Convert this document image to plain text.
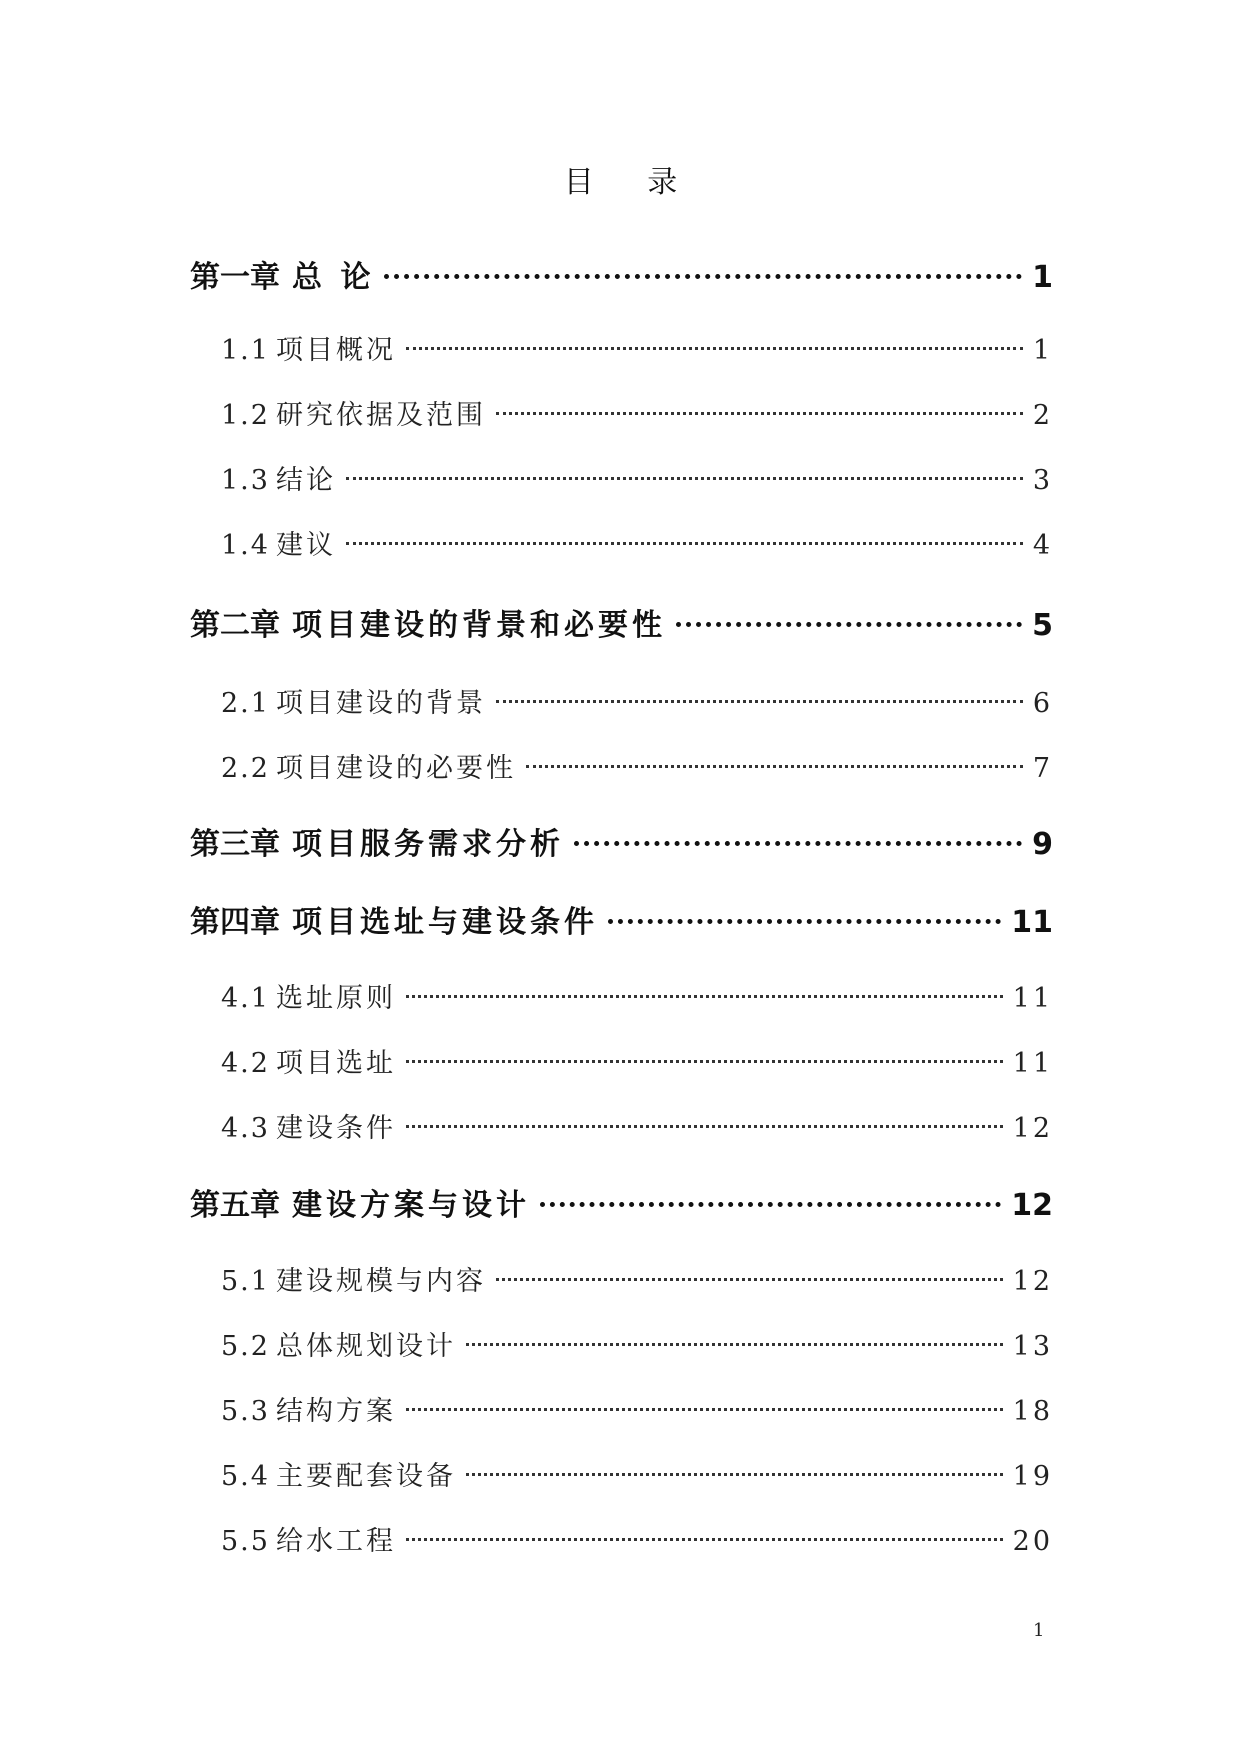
目 录
第一章 总 论	1
1.1 项目概况	1
1.2 研究依据及范围	2
1.3 结论	3
1.4 建议	4
第二章 项目建设的背景和必要性	5
2.1 项目建设的背景	6
2.2 项目建设的必要性	7
第三章 项目服务需求分析	9
第四章 项目选址与建设条件	11
4.1 选址原则	11
4.2 项目选址	11
4.3 建设条件	12
第五章 建设方案与设计	12
5.1 建设规模与内容	12
5.2 总体规划设计	13
5.3 结构方案	18
5.4 主要配套设备	19
5.5 给水工程	20
1
